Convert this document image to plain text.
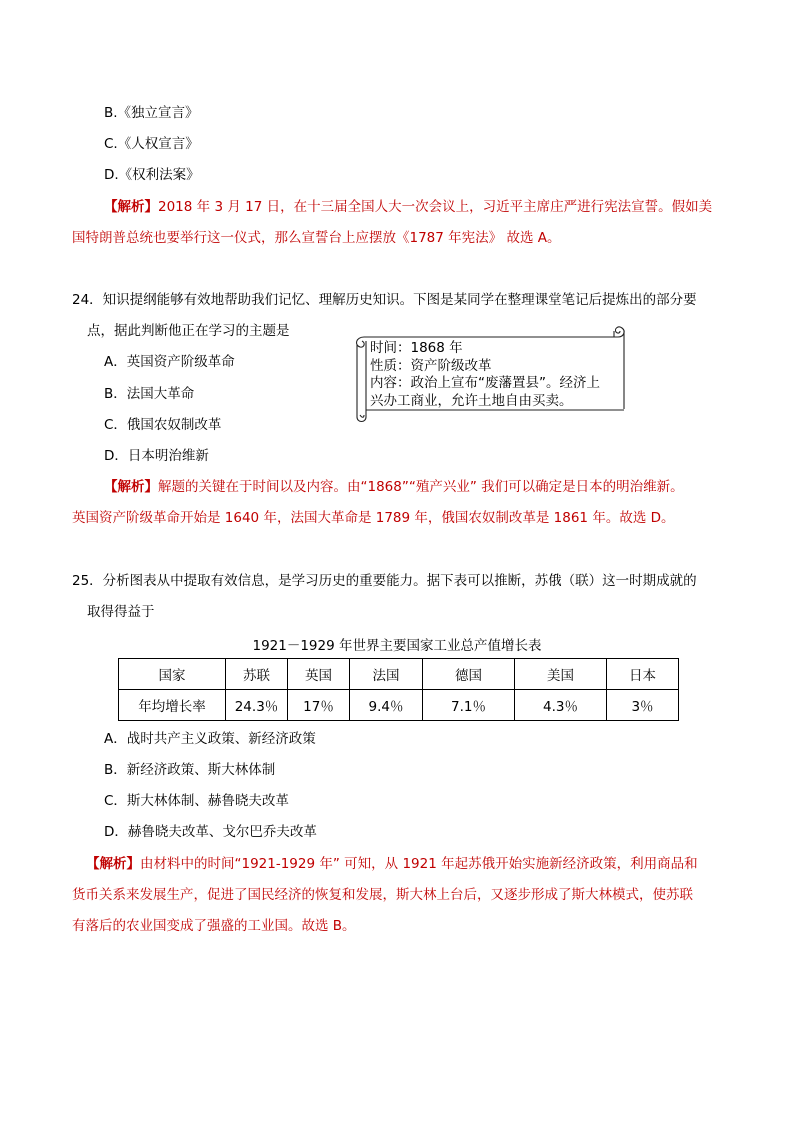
B.《独立宣言》
C.《人权宣言》
D.《权利法案》
【解析】2018 年 3 月 17 日，在十三届全国人大一次会议上，习近平主席庄严进行宪法宣誓。假如美
国特朗普总统也要举行这一仪式，那么宣誓台上应摆放《1787 年宪法》 故选 A。
24．知识提纲能够有效地帮助我们记忆、理解历史知识。下图是某同学在整理课堂笔记后提炼出的部分要
点，据此判断他正在学习的主题是
A．英国资产阶级革命
B．法国大革命
C．俄国农奴制改革
D．日本明治维新
时间：1868 年
性质：资产阶级改革
内容：政治上宣布“废藩置县”。经济上
兴办工商业，允许土地自由买卖。
【解析】解题的关键在于时间以及内容。由“1868”“殖产兴业” 我们可以确定是日本的明治维新。
英国资产阶级革命开始是 1640 年，法国大革命是 1789 年，俄国农奴制改革是 1861 年。故选 D。
25．分析图表从中提取有效信息，是学习历史的重要能力。据下表可以推断，苏俄（联）这一时期成就的
取得得益于
1921－1929 年世界主要国家工业总产值增长表
国家	苏联	英国	法国	德国	美国	日本
年均增长率	24.3％	17％	9.4％	7.1％	4.3％	3％
A．战时共产主义政策、新经济政策
B．新经济政策、斯大林体制
C．斯大林体制、赫鲁晓夫改革
D．赫鲁晓夫改革、戈尔巴乔夫改革
【解析】由材料中的时间“1921-1929 年” 可知，从 1921 年起苏俄开始实施新经济政策，利用商品和
货币关系来发展生产，促进了国民经济的恢复和发展，斯大林上台后，又逐步形成了斯大林模式，使苏联
有落后的农业国变成了强盛的工业国。故选 B。
